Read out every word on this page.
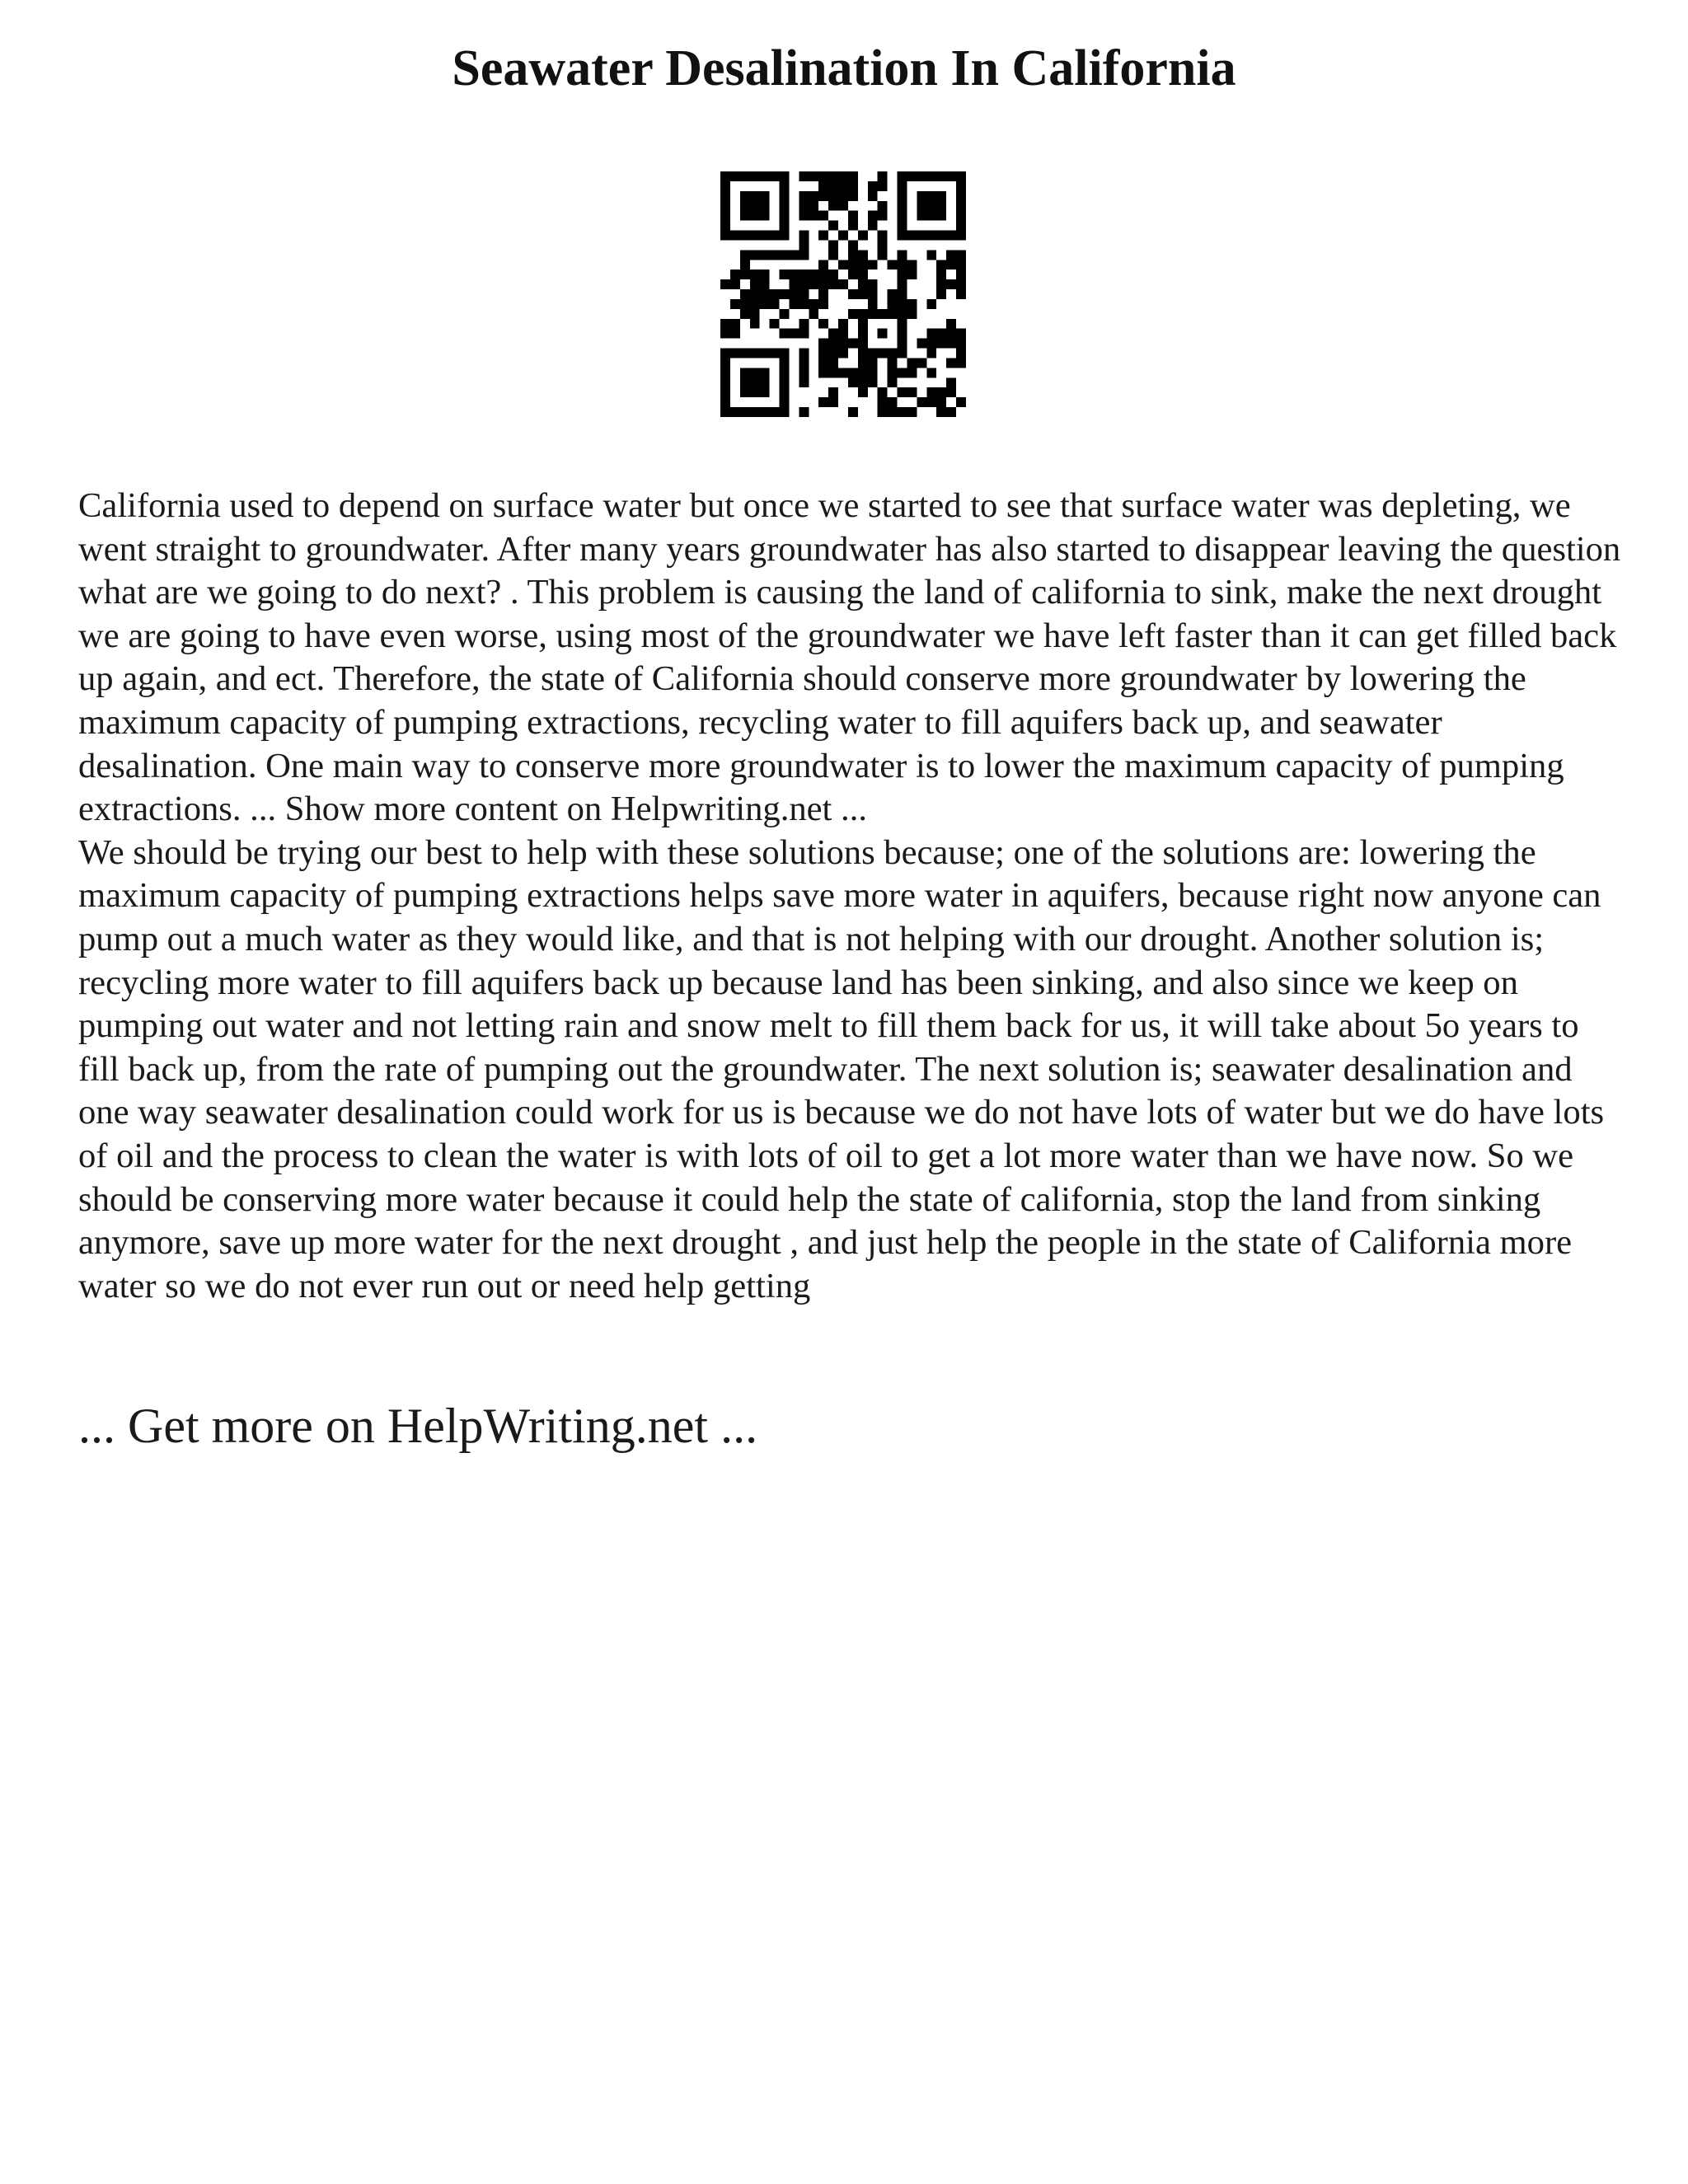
Seawater Desalination In California

California used to depend on surface water but once we started to see that surface water was depleting, we went straight to groundwater. After many years groundwater has also started to disappear leaving the question what are we going to do next? . This problem is causing the land of california to sink, make the next drought we are going to have even worse, using most of the groundwater we have left faster than it can get filled back up again, and ect. Therefore, the state of California should conserve more groundwater by lowering the maximum capacity of pumping extractions, recycling water to fill aquifers back up, and seawater desalination. One main way to conserve more groundwater is to lower the maximum capacity of pumping extractions. ... Show more content on Helpwriting.net ...

We should be trying our best to help with these solutions because; one of the solutions are: lowering the maximum capacity of pumping extractions helps save more water in aquifers, because right now anyone can pump out a much water as they would like, and that is not helping with our drought. Another solution is; recycling more water to fill aquifers back up because land has been sinking, and also since we keep on pumping out water and not letting rain and snow melt to fill them back for us, it will take about 5o years to fill back up, from the rate of pumping out the groundwater. The next solution is; seawater desalination and one way seawater desalination could work for us is because we do not have lots of water but we do have lots of oil and the process to clean the water is with lots of oil to get a lot more water than we have now. So we should be conserving more water because it could help the state of california, stop the land from sinking anymore, save up more water for the next drought , and just help the people in the state of California more water so we do not ever run out or need help getting

... Get more on HelpWriting.net ...
